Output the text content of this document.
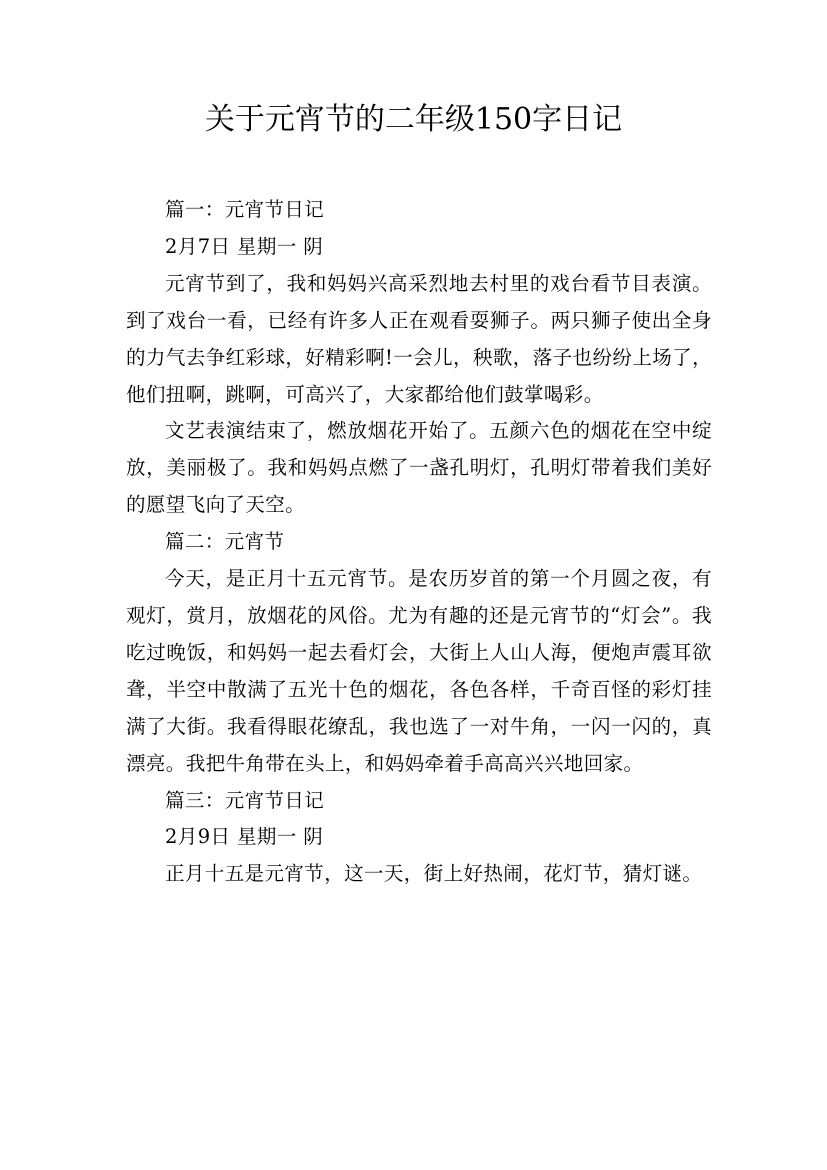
关于元宵节的二年级150字日记

篇一：元宵节日记

2月7日 星期一 阴

元宵节到了，我和妈妈兴高采烈地去村里的戏台看节目表演。到了戏台一看，已经有许多人正在观看耍狮子。两只狮子使出全身的力气去争红彩球，好精彩啊!一会儿，秧歌，落子也纷纷上场了，他们扭啊，跳啊，可高兴了，大家都给他们鼓掌喝彩。

文艺表演结束了，燃放烟花开始了。五颜六色的烟花在空中绽放，美丽极了。我和妈妈点燃了一盏孔明灯，孔明灯带着我们美好的愿望飞向了天空。

篇二：元宵节

今天，是正月十五元宵节。是农历岁首的第一个月圆之夜，有观灯，赏月，放烟花的风俗。尤为有趣的还是元宵节的“灯会”。我吃过晚饭，和妈妈一起去看灯会，大街上人山人海，便炮声震耳欲聋，半空中散满了五光十色的烟花，各色各样，千奇百怪的彩灯挂满了大街。我看得眼花缭乱，我也选了一对牛角，一闪一闪的，真漂亮。我把牛角带在头上，和妈妈牵着手高高兴兴地回家。

篇三：元宵节日记

2月9日 星期一 阴

正月十五是元宵节，这一天，街上好热闹，花灯节，猜灯谜。
